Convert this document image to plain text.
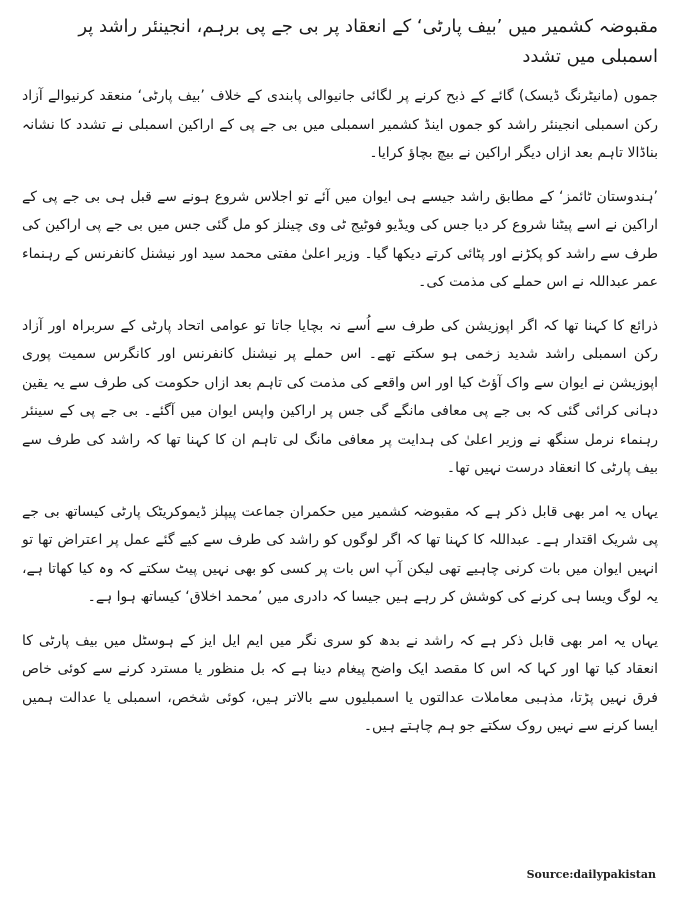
مقبوضہ کشمیر میں ’بیف پارٹی‘ کے انعقاد پر بی جے پی برہم، انجینئر راشد پر اسمبلی میں تشدد

جموں (مانیٹرنگ ڈیسک) گائے کے ذبح کرنے پر لگائی جانیوالی پابندی کے خلاف ’بیف پارٹی‘ منعقد کرنیوالے آزاد رکن اسمبلی انجینئر راشد کو جموں اینڈ کشمیر اسمبلی میں بی جے پی کے اراکین اسمبلی نے تشدد کا نشانہ بناڈالا تاہم بعد ازاں دیگر اراکین نے بیچ بچاؤ کرایا۔

’ہندوستان ٹائمز‘ کے مطابق راشد جیسے ہی ایوان میں آئے تو اجلاس شروع ہونے سے قبل ہی بی جے پی کے اراکین نے اسے پیٹنا شروع کر دیا جس کی ویڈیو فوٹیج ٹی وی چینلز کو مل گئی جس میں بی جے پی اراکین کی طرف سے راشد کو پکڑنے اور پٹائی کرتے دیکھا گیا۔ وزیر اعلیٰ مفتی محمد سید اور نیشنل کانفرنس کے رہنماء عمر عبداللہ نے اس حملے کی مذمت کی۔

ذرائع کا کہنا تھا کہ اگر اپوزیشن کی طرف سے اُسے نہ بچایا جاتا تو عوامی اتحاد پارٹی کے سربراہ اور آزاد رکن اسمبلی راشد شدید زخمی ہو سکتے تھے۔ اس حملے پر نیشنل کانفرنس اور کانگرس سمیت پوری اپوزیشن نے ایوان سے واک آؤٹ کیا اور اس واقعے کی مذمت کی تاہم بعد ازاں حکومت کی طرف سے یہ یقین دہانی کرائی گئی کہ بی جے پی معافی مانگے گی جس پر اراکین واپس ایوان میں آگئے۔ بی جے پی کے سینئر رہنماء نرمل سنگھ نے وزیر اعلیٰ کی ہدایت پر معافی مانگ لی تاہم ان کا کہنا تھا کہ راشد کی طرف سے بیف پارٹی کا انعقاد درست نہیں تھا۔

یہاں یہ امر بھی قابل ذکر ہے کہ مقبوضہ کشمیر میں حکمران جماعت پیپلز ڈیموکریٹک پارٹی کیساتھ بی جے پی شریک اقتدار ہے۔ عبداللہ کا کہنا تھا کہ اگر لوگوں کو راشد کی طرف سے کیے گئے عمل پر اعتراض تھا تو انہیں ایوان میں بات کرنی چاہیے تھی لیکن آپ اس بات پر کسی کو بھی نہیں پیٹ سکتے کہ وہ کیا کھاتا ہے، یہ لوگ ویسا ہی کرنے کی کوشش کر رہے ہیں جیسا کہ دادری میں ’محمد اخلاق‘ کیساتھ ہوا ہے۔

یہاں یہ امر بھی قابل ذکر ہے کہ راشد نے بدھ کو سری نگر میں ایم ایل ایز کے ہوسٹل میں بیف پارٹی کا انعقاد کیا تھا اور کہا کہ اس کا مقصد ایک واضح پیغام دینا ہے کہ بل منظور یا مسترد کرنے سے کوئی خاص فرق نہیں پڑتا، مذہبی معاملات عدالتوں یا اسمبلیوں سے بالاتر ہیں، کوئی شخص، اسمبلی یا عدالت ہمیں ایسا کرنے سے نہیں روک سکتے جو ہم چاہتے ہیں۔

Source:dailypakistan
